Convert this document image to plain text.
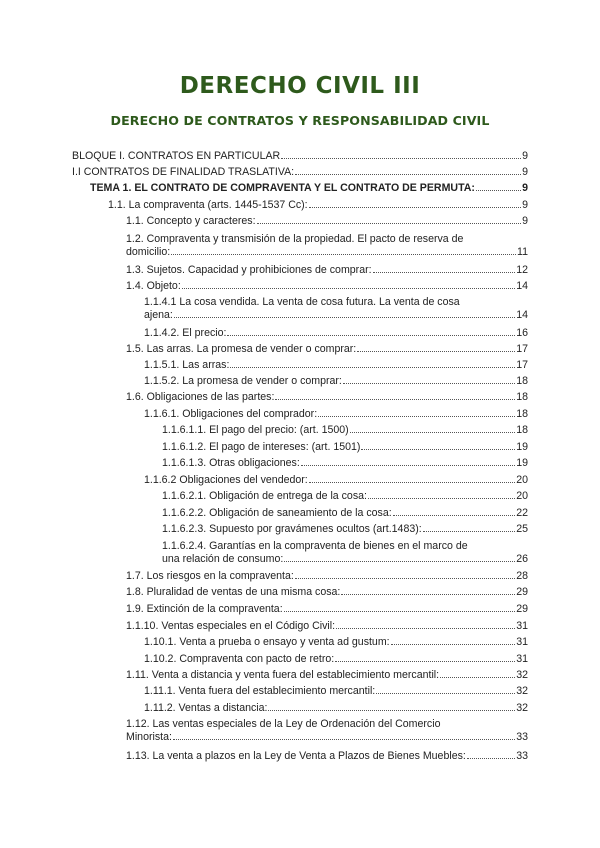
DERECHO CIVIL III
DERECHO DE CONTRATOS Y RESPONSABILIDAD CIVIL
BLOQUE I. CONTRATOS EN PARTICULAR	9
I.I CONTRATOS DE FINALIDAD TRASLATIVA:	9
TEMA 1. EL CONTRATO DE COMPRAVENTA Y EL CONTRATO DE PERMUTA:	9
1.1. La compraventa (arts. 1445-1537 Cc):	9
1.1. Concepto y caracteres:	9
1.2. Compraventa y transmisión de la propiedad. El pacto de reserva de
domicilio:	11
1.3. Sujetos. Capacidad y prohibiciones de comprar:	12
1.4. Objeto:	14
1.1.4.1 La cosa vendida. La venta de cosa futura. La venta de cosa
ajena:	14
1.1.4.2. El precio:	16
1.5. Las arras. La promesa de vender o comprar:	17
1.1.5.1. Las arras:	17
1.1.5.2. La promesa de vender o comprar:	18
1.6. Obligaciones de las partes:	18
1.1.6.1. Obligaciones del comprador:	18
1.1.6.1.1. El pago del precio: (art. 1500)	18
1.1.6.1.2. El pago de intereses: (art. 1501)	19
1.1.6.1.3. Otras obligaciones:	19
1.1.6.2 Obligaciones del vendedor:	20
1.1.6.2.1. Obligación de entrega de la cosa:	20
1.1.6.2.2. Obligación de saneamiento de la cosa:	22
1.1.6.2.3. Supuesto por gravámenes ocultos (art.1483):	25
1.1.6.2.4. Garantías en la compraventa de bienes en el marco de
una relación de consumo:	26
1.7. Los riesgos en la compraventa:	28
1.8. Pluralidad de ventas de una misma cosa:	29
1.9. Extinción de la compraventa:	29
1.1.10. Ventas especiales en el Código Civil:	31
1.10.1. Venta a prueba o ensayo y venta ad gustum:	31
1.10.2. Compraventa con pacto de retro:	31
1.11. Venta a distancia y venta fuera del establecimiento mercantil:	32
1.11.1. Venta fuera del establecimiento mercantil:	32
1.11.2. Ventas a distancia:	32
1.12. Las ventas especiales de la Ley de Ordenación del Comercio
Minorista:	33
1.13. La venta a plazos en la Ley de Venta a Plazos de Bienes Muebles:	33
